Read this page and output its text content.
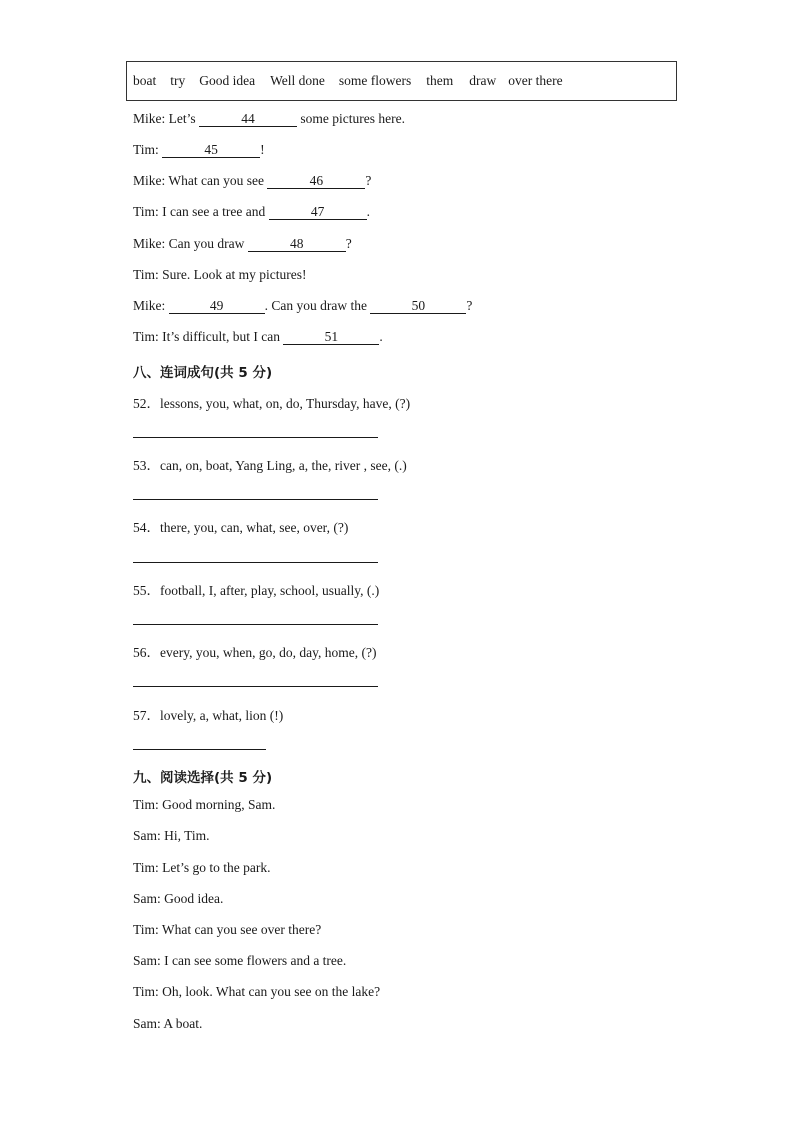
boat try Good idea Well done some flowers them draw over there
Mike: Let’s	44	some pictures here.
Tim:	45	!
Mike: What can you see	46	?
Tim: I can see a tree and	47	.
Mike: Can you draw	48	?
Tim: Sure. Look at my pictures!
Mike:	49	. Can you draw the	50	?
Tim: It’s difficult, but I can	51	.
八、连词成句(共 5 分)
52．lessons, you, what, on, do, Thursday, have, (?)
53．can, on, boat, Yang Ling, a, the, river , see, (.)
54．there, you, can, what, see, over, (?)
55．football, I, after, play, school, usually, (.)
56．every, you, when, go, do, day, home, (?)
57．lovely, a, what, lion (!)
九、阅读选择(共 5 分)
Tim: Good morning, Sam.
Sam: Hi, Tim.
Tim: Let’s go to the park.
Sam: Good idea.
Tim: What can you see over there?
Sam: I can see some flowers and a tree.
Tim: Oh, look. What can you see on the lake?
Sam: A boat.
